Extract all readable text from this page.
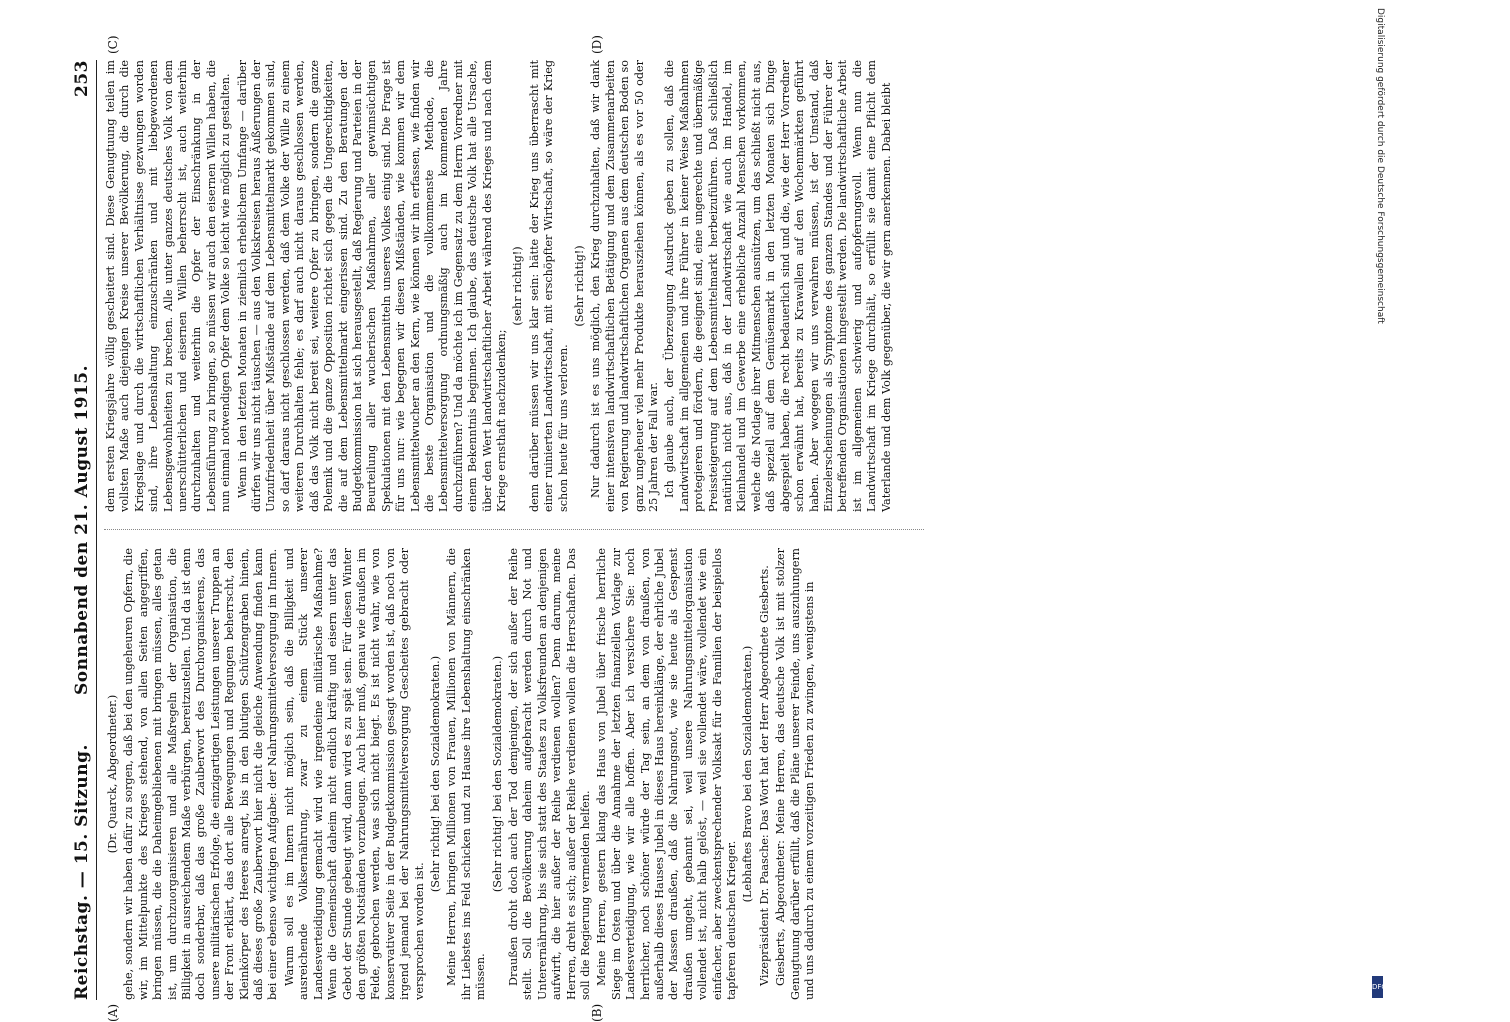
Reichstag. — 15. Sitzung.
Sonnabend den 21. August 1915.
253
(A)	(B)
(C)	(D)

(Dr. Quarck, Abgeordneter.) gehe, sondern wir haben dafür zu sorgen, daß bei den ungeheuren Opfern, die wir, im Mittelpunkte des Krieges stehend, von allen Seiten angegriffen, bringen müssen, die die Daheimgebliebenen mit bringen müssen, alles getan ist, um durchzuorganisieren und alle Maßregeln der Organisation, die Billigkeit in ausreichendem Maße verbürgen, bereitzustellen. Und da ist denn doch sonderbar, daß das große Zauberwort des Durchorganisierens, das unsere militärischen Erfolge, die einzigartigen Leistungen unserer Truppen an der Front erklärt, das dort alle Bewegungen und Regungen beherrscht, den Kleinkörper des Heeres anregt, bis in den blutigen Schützengraben hinein, daß dieses große Zauberwort hier nicht die gleiche Anwendung finden kann bei einer ebenso wichtigen Aufgabe: der Nahrungsmittelversorgung im Innern. Warum soll es im Innern nicht möglich sein, daß die Billigkeit und ausreichende Volksernährung, zwar zu einem Stück unserer Landesverteidigung gemacht wird wie irgendeine militärische Maßnahme? Wenn die Gemeinschaft daheim nicht endlich kräftig und eisern unter das Gebot der Stunde gebeugt wird, dann wird es zu spät sein. Für diesen Winter den größten Notständen vorzubeugen. Auch hier muß, genau wie draußen im Felde, gebrochen werden, was sich nicht biegt. Es ist nicht wahr, wie von konservativer Seite in der Budgetkommission gesagt worden ist, daß noch von irgend jemand bei der Nahrungsmittelversorgung Gescheites gebracht oder versprochen worden ist.

(Sehr richtig! bei den Sozialdemokraten.) Meine Herren, bringen Millionen von Frauen, Millionen von Männern, die ihr Liebstes ins Feld schicken und zu Hause ihre Lebenshaltung einschränken müssen.

(Sehr richtig! bei den Sozialdemokraten.) Draußen droht doch auch der Tod demjenigen, der sich außer der Reihe stellt. Soll die Bevölkerung daheim aufgebracht werden durch Not und Unterernährung, bis sie sich statt des Staates zu Volksfreunden an denjenigen aufwirft, die hier außer der Reihe verdienen wollen? Denn darum, meine Herren, dreht es sich; außer der Reihe verdienen wollen die Herrschaften. Das soll die Regierung vermeiden helfen. Meine Herren, gestern klang das Haus von Jubel über frische herrliche Siege im Osten und über die Annahme der letzten finanziellen Vorlage zur Landesverteidigung, wie wir alle hoffen. Aber ich versichere Sie: noch herrlicher, noch schöner würde der Tag sein, an dem von draußen, von außerhalb dieses Hauses Jubel in dieses Haus hereinklänge, der ehrliche Jubel der Massen draußen, daß die Nahrungsnot, wie sie heute als Gespenst draußen umgeht, gebannt sei, weil unsere Nahrungsmittelorganisation vollendet ist, nicht halb gelöst, — weil sie vollendet wäre, vollendet wie ein einfacher, aber zweckentsprechender Volksakt für die Familien der beispiellos tapferen deutschen Krieger.

(Lebhaftes Bravo bei den Sozialdemokraten.) Vizepräsident Dr. Paasche: Das Wort hat der Herr Abgeordnete Giesberts. Giesberts, Abgeordneter: Meine Herren, das deutsche Volk ist mit stolzer Genugtuung darüber erfüllt, daß die Pläne unserer Feinde, uns auszuhungern und uns dadurch zu einem vorzeitigen Frieden zu zwingen, wenigstens in

dem ersten Kriegsjahre völlig gescheitert sind. Diese Genugtuung teilen im vollsten Maße auch diejenigen Kreise unserer Bevölkerung, die durch die Kriegslage und durch die wirtschaftlichen Verhältnisse gezwungen worden sind, ihre Lebenshaltung einzuschränken und mit liebgewordenen Lebensgewohnheiten zu brechen. Alle unter ganzes deutsches Volk von dem unerschütterlichen und eisernen Willen beherrscht ist, auch weiterhin durchzuhalten und weiterhin die Opfer der Einschränkung in der Lebensführung zu bringen, so müssen wir auch den eisernen Willen haben, die nun einmal notwendigen Opfer dem Volke so leicht wie möglich zu gestalten. Wenn in den letzten Monaten in ziemlich erheblichem Umfange — darüber dürfen wir uns nicht täuschen — aus den Volkskreisen heraus Äußerungen der Unzufriedenheit über Mißstände auf dem Lebensmittelmarkt gekommen sind, so darf daraus nicht geschlossen werden, daß dem Volke der Wille zu einem weiteren Durchhalten fehle; es darf auch nicht daraus geschlossen werden, daß das Volk nicht bereit sei, weitere Opfer zu bringen, sondern die ganze Polemik und die ganze Opposition richtet sich gegen die Ungerechtigkeiten, die auf dem Lebensmittelmarkt eingerissen sind. Zu den Beratungen der Budgetkommission hat sich herausgestellt, daß Regierung und Parteien in der Beurteilung aller wucherischen Maßnahmen, aller gewinnsüchtigen Spekulationen mit den Lebensmitteln unseres Volkes einig sind. Die Frage ist für uns nur: wie begegnen wir diesen Mißständen, wie kommen wir dem Lebensmittelwucher an den Kern, wie können wir ihn erfassen, wie finden wir die beste Organisation und die vollkommenste Methode, die Lebensmittelversorgung ordnungsmäßig auch im kommenden Jahre durchzuführen? Und da möchte ich im Gegensatz zu dem Herrn Vorredner mit einem Bekenntnis beginnen. Ich glaube, das deutsche Volk hat alle Ursache, über den Wert landwirtschaftlicher Arbeit während des Krieges und nach dem Kriege ernsthaft nachzudenken;

(sehr richtig!) denn darüber müssen wir uns klar sein: hätte der Krieg uns überrascht mit einer ruinierten Landwirtschaft, mit erschöpfter Wirtschaft, so wäre der Krieg schon heute für uns verloren.

(Sehr richtig!) Nur dadurch ist es uns möglich, den Krieg durchzuhalten, daß wir dank einer intensiven landwirtschaftlichen Betätigung und dem Zusammenarbeiten von Regierung und landwirtschaftlichen Organen aus dem deutschen Boden so ganz ungeheuer viel mehr Produkte herausziehen können, als es vor 50 oder 25 Jahren der Fall war. Ich glaube auch, der Überzeugung Ausdruck geben zu sollen, daß die Landwirtschaft im allgemeinen und ihre Führer in keiner Weise Maßnahmen protegieren und fördern, die geeignet sind, eine ungerechte und übermäßige Preissteigerung auf dem Lebensmittelmarkt herbeizuführen. Daß schließlich natürlich nicht aus, daß in der Landwirtschaft wie auch im Handel, im Kleinhandel und im Gewerbe eine erhebliche Anzahl Menschen vorkommen, welche die Notlage ihrer Mitmenschen ausnützen, um das schließt nicht aus, daß speziell auf dem Gemüsemarkt in den letzten Monaten sich Dinge abgespielt haben, die recht bedauerlich sind und die, wie der Herr Vorredner schon erwähnt hat, bereits zu Krawallen auf den Wochenmärkten geführt haben. Aber wogegen wir uns verwahren müssen, ist der Umstand, daß Einzelerscheinungen als Symptome des ganzen Standes und der Führer der betreffenden Organisationen hingestellt werden. Die landwirtschaftliche Arbeit ist im allgemeinen schwierig und aufopferungsvoll. Wenn nun die Landwirtschaft im Kriege durchhält, so erfüllt sie damit eine Pflicht dem Vaterlande und dem Volk gegenüber, die wir gern anerkennen. Dabei bleibt	Digitalisierung gefördert durch die Deutsche Forschungsgemeinschaft
DFG
